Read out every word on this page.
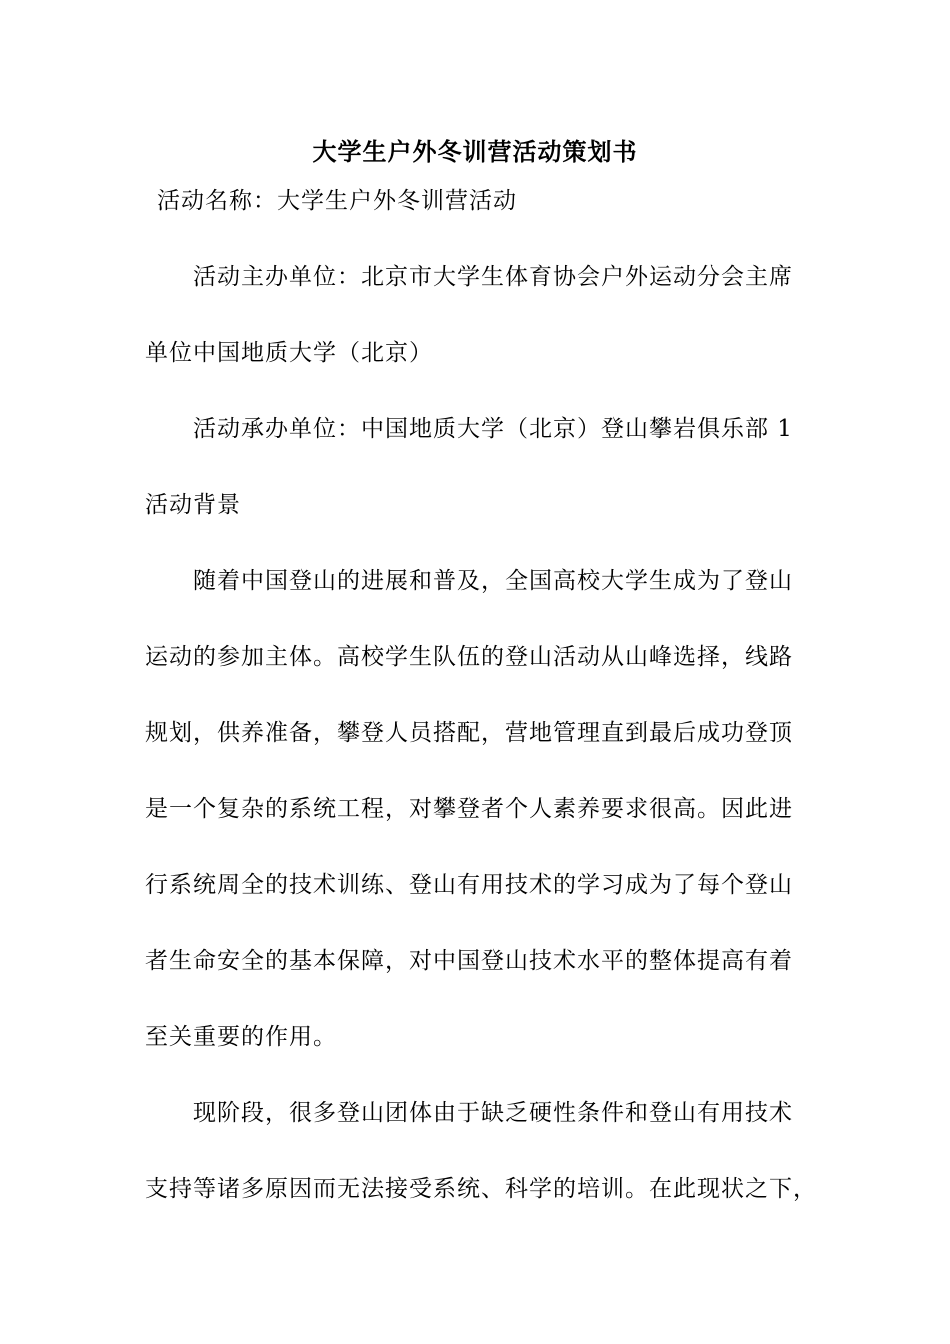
大学生户外冬训营活动策划书
活动名称：大学生户外冬训营活动
活动主办单位：北京市大学生体育协会户外运动分会主席
单位中国地质大学（北京）
活动承办单位：中国地质大学（北京）登山攀岩俱乐部 1
活动背景
随着中国登山的进展和普及，全国高校大学生成为了登山
运动的参加主体。高校学生队伍的登山活动从山峰选择，线路
规划，供养准备，攀登人员搭配，营地管理直到最后成功登顶
是一个复杂的系统工程，对攀登者个人素养要求很高。因此进
行系统周全的技术训练、登山有用技术的学习成为了每个登山
者生命安全的基本保障，对中国登山技术水平的整体提高有着
至关重要的作用。
现阶段，很多登山团体由于缺乏硬性条件和登山有用技术
支持等诸多原因而无法接受系统、科学的培训。在此现状之下，
